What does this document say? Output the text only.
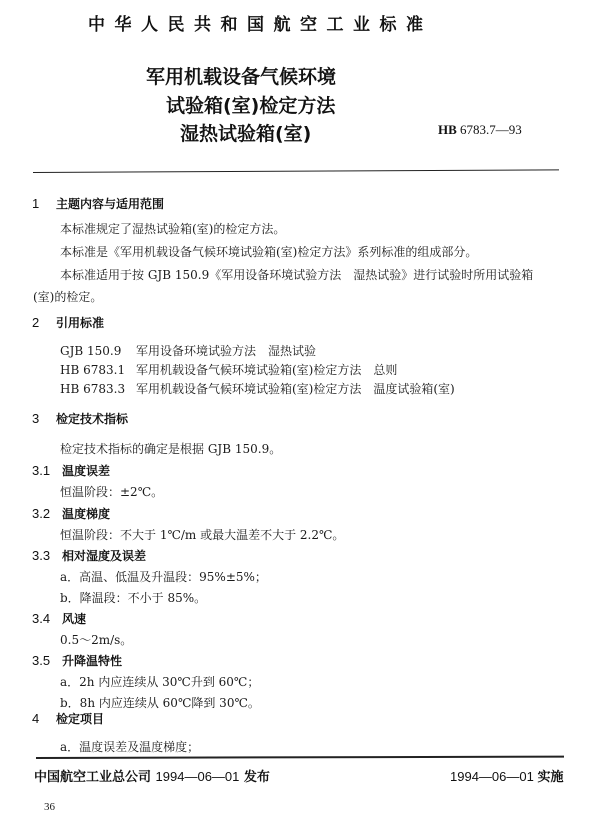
中华人民共和国航空工业标准
军用机载设备气候环境
试验箱(室)检定方法
湿热试验箱(室)	HB 6783.7—93
1 主题内容与适用范围
本标准规定了湿热试验箱(室)的检定方法。
本标准是《军用机载设备气候环境试验箱(室)检定方法》系列标准的组成部分。
本标准适用于按 GJB 150.9《军用设备环境试验方法　湿热试验》进行试验时所用试验箱
(室)的检定。
2 引用标准
GJB 150.9 军用设备环境试验方法　湿热试验
HB 6783.1 军用机载设备气候环境试验箱(室)检定方法　总则
HB 6783.3 军用机载设备气候环境试验箱(室)检定方法　温度试验箱(室)
3 检定技术指标
检定技术指标的确定是根据 GJB 150.9。
3.1 温度误差
恒温阶段：±2℃。
3.2 温度梯度
恒温阶段：不大于 1℃/m 或最大温差不大于 2.2℃。
3.3 相对湿度及误差
a．高温、低温及升温段：95%±5%；
b．降温段：不小于 85%。
3.4 风速
0.5～2m/s。
3.5 升降温特性
a．2h 内应连续从 30℃升到 60℃；
b．8h 内应连续从 60℃降到 30℃。
4 检定项目
a．温度误差及温度梯度；
中国航空工业总公司 1994—06—01 发布	1994—06—01 实施
36
